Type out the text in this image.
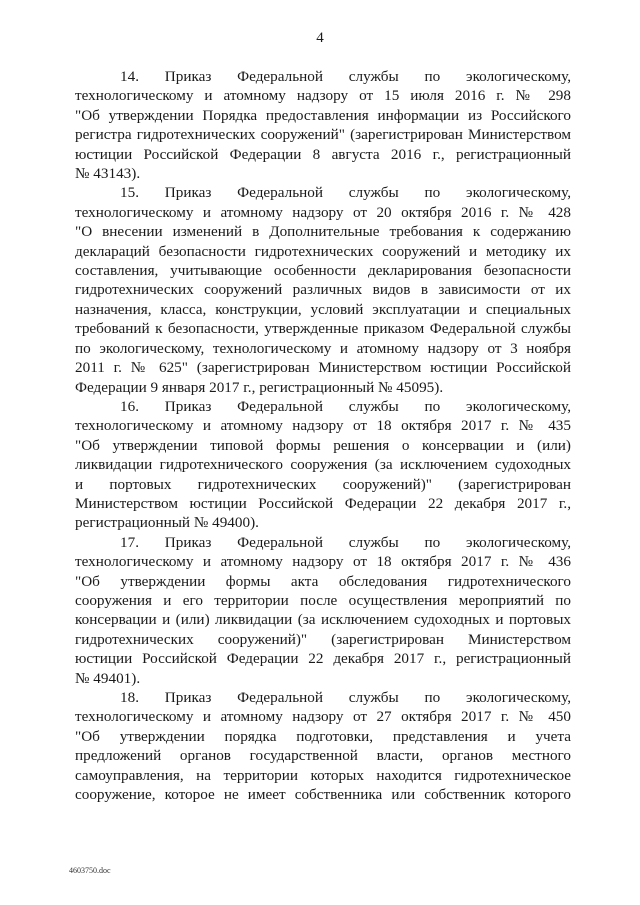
4

14. Приказ Федеральной службы по экологическому,
технологическому и атомному надзору от 15 июля 2016 г. № 298
"Об утверждении Порядка предоставления информации из Российского
регистра гидротехнических сооружений" (зарегистрирован Министерством
юстиции Российской Федерации 8 августа 2016 г., регистрационный
№ 43143).

15. Приказ Федеральной службы по экологическому,
технологическому и атомному надзору от 20 октября 2016 г. № 428
"О внесении изменений в Дополнительные требования к содержанию
деклараций безопасности гидротехнических сооружений и методику их
составления, учитывающие особенности декларирования безопасности
гидротехнических сооружений различных видов в зависимости от их
назначения, класса, конструкции, условий эксплуатации и специальных
требований к безопасности, утвержденные приказом Федеральной службы
по экологическому, технологическому и атомному надзору от 3 ноября
2011 г. № 625" (зарегистрирован Министерством юстиции Российской
Федерации 9 января 2017 г., регистрационный № 45095).

16. Приказ Федеральной службы по экологическому,
технологическому и атомному надзору от 18 октября 2017 г. № 435
"Об утверждении типовой формы решения о консервации и (или)
ликвидации гидротехнического сооружения (за исключением судоходных
и портовых гидротехнических сооружений)" (зарегистрирован
Министерством юстиции Российской Федерации 22 декабря 2017 г.,
регистрационный № 49400).

17. Приказ Федеральной службы по экологическому,
технологическому и атомному надзору от 18 октября 2017 г. № 436
"Об утверждении формы акта обследования гидротехнического
сооружения и его территории после осуществления мероприятий по
консервации и (или) ликвидации (за исключением судоходных и портовых
гидротехнических сооружений)" (зарегистрирован Министерством
юстиции Российской Федерации 22 декабря 2017 г., регистрационный
№ 49401).

18. Приказ Федеральной службы по экологическому,
технологическому и атомному надзору от 27 октября 2017 г. № 450
"Об утверждении порядка подготовки, представления и учета
предложений органов государственной власти, органов местного
самоуправления, на территории которых находится гидротехническое
сооружение, которое не имеет собственника или собственник которого

4603750.doc
